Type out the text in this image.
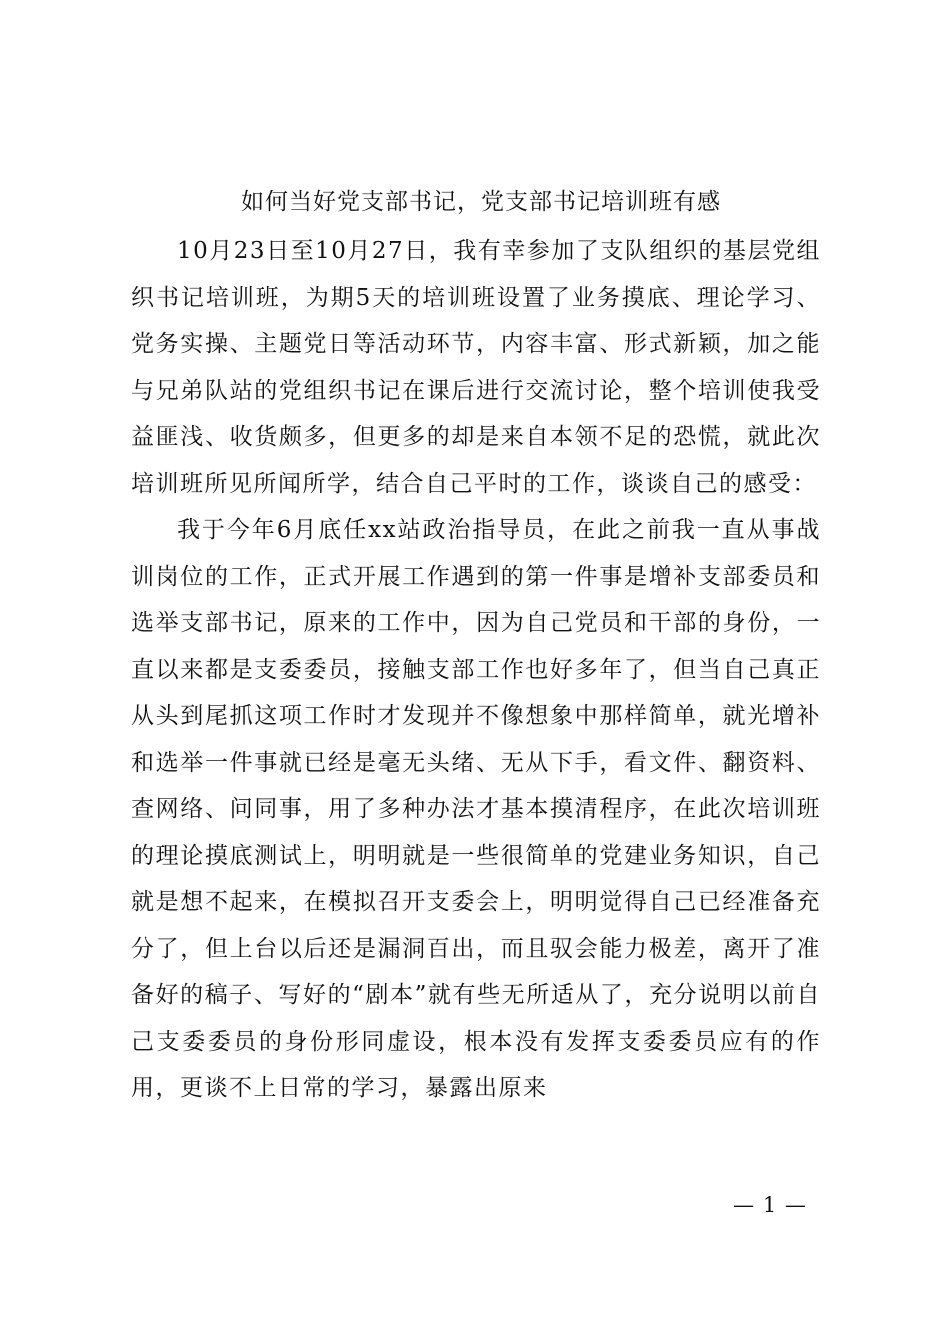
如何当好党支部书记，党支部书记培训班有感

10月23日至10月27日，我有幸参加了支队组织的基层党组织书记培训班，为期5天的培训班设置了业务摸底、理论学习、党务实操、主题党日等活动环节，内容丰富、形式新颖，加之能与兄弟队站的党组织书记在课后进行交流讨论，整个培训使我受益匪浅、收货颇多，但更多的却是来自本领不足的恐慌，就此次培训班所见所闻所学，结合自己平时的工作，谈谈自己的感受：

我于今年6月底任xx站政治指导员，在此之前我一直从事战训岗位的工作，正式开展工作遇到的第一件事是增补支部委员和选举支部书记，原来的工作中，因为自己党员和干部的身份，一直以来都是支委委员，接触支部工作也好多年了，但当自己真正从头到尾抓这项工作时才发现并不像想象中那样简单，就光增补和选举一件事就已经是毫无头绪、无从下手，看文件、翻资料、查网络、问同事，用了多种办法才基本摸清程序，在此次培训班的理论摸底测试上，明明就是一些很简单的党建业务知识，自己就是想不起来，在模拟召开支委会上，明明觉得自己已经准备充分了，但上台以后还是漏洞百出，而且驭会能力极差，离开了准备好的稿子、写好的“剧本”就有些无所适从了，充分说明以前自己支委委员的身份形同虚设，根本没有发挥支委委员应有的作用，更谈不上日常的学习，暴露出原来

— 1 —
